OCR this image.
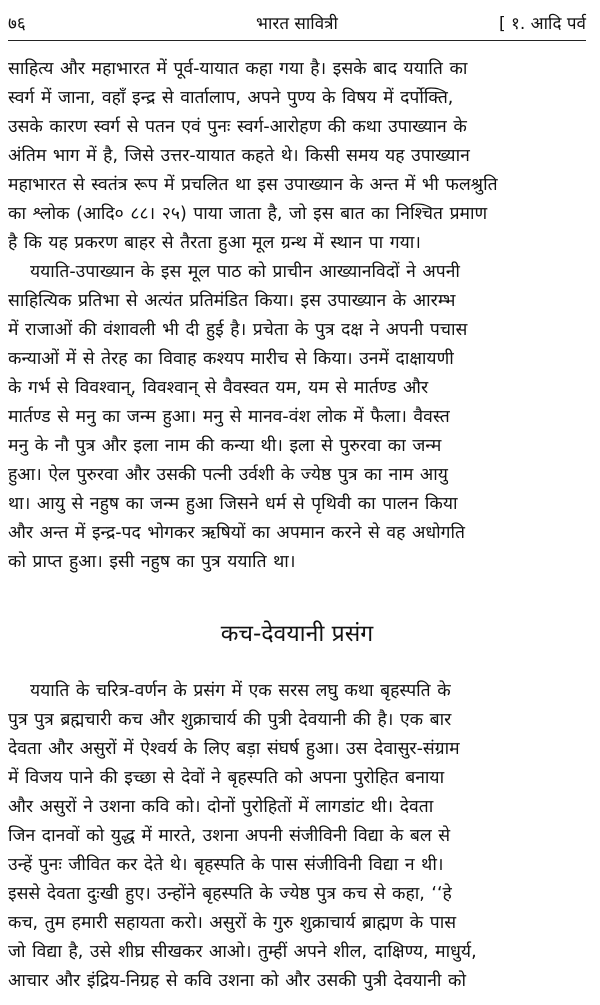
७६	भारत सावित्री	[ १. आदि पर्व

साहित्य और महाभारत में पूर्व-यायात कहा गया है। इसके बाद ययाति का
स्वर्ग में जाना, वहाँ इन्द्र से वार्तालाप, अपने पुण्य के विषय में दर्पोक्ति,
उसके कारण स्वर्ग से पतन एवं पुनः स्वर्ग-आरोहण की कथा उपाख्यान के
अंतिम भाग में है, जिसे उत्तर-यायात कहते थे। किसी समय यह उपाख्यान
महाभारत से स्वतंत्र रूप में प्रचलित था इस उपाख्यान के अन्त में भी फलश्रुति
का श्लोक (आदि० ८८। २५) पाया जाता है, जो इस बात का निश्चित प्रमाण
है कि यह प्रकरण बाहर से तैरता हुआ मूल ग्रन्थ में स्थान पा गया।

ययाति-उपाख्यान के इस मूल पाठ को प्राचीन आख्यानविदों ने अपनी
साहित्यिक प्रतिभा से अत्यंत प्रतिमंडित किया। इस उपाख्यान के आरम्भ
में राजाओं की वंशावली भी दी हुई है। प्रचेता के पुत्र दक्ष ने अपनी पचास
कन्याओं में से तेरह का विवाह कश्यप मारीच से किया। उनमें दाक्षायणी
के गर्भ से विवश्वान्, विवश्वान् से वैवस्वत यम, यम से मार्तण्ड और
मार्तण्ड से मनु का जन्म हुआ। मनु से मानव-वंश लोक में फैला। वैवस्त
मनु के नौ पुत्र और इला नाम की कन्या थी। इला से पुरुरवा का जन्म
हुआ। ऐल पुरुरवा और उसकी पत्नी उर्वशी के ज्येष्ठ पुत्र का नाम आयु
था। आयु से नहुष का जन्म हुआ जिसने धर्म से पृथिवी का पालन किया
और अन्त में इन्द्र-पद भोगकर ऋषियों का अपमान करने से वह अधोगति
को प्राप्त हुआ। इसी नहुष का पुत्र ययाति था।

कच-देवयानी प्रसंग

ययाति के चरित्र-वर्णन के प्रसंग में एक सरस लघु कथा बृहस्पति के
पुत्र पुत्र ब्रह्मचारी कच और शुक्राचार्य की पुत्री देवयानी की है। एक बार
देवता और असुरों में ऐश्वर्य के लिए बड़ा संघर्ष हुआ। उस देवासुर-संग्राम
में विजय पाने की इच्छा से देवों ने बृहस्पति को अपना पुरोहित बनाया
और असुरों ने उशना कवि को। दोनों पुरोहितों में लागडांट थी। देवता
जिन दानवों को युद्ध में मारते, उशना अपनी संजीविनी विद्या के बल से
उन्हें पुनः जीवित कर देते थे। बृहस्पति के पास संजीविनी विद्या न थी।
इससे देवता दुःखी हुए। उन्होंने बृहस्पति के ज्येष्ठ पुत्र कच से कहा, ‘‘हे
कच, तुम हमारी सहायता करो। असुरों के गुरु शुक्राचार्य ब्राह्मण के पास
जो विद्या है, उसे शीघ्र सीखकर आओ। तुम्हीं अपने शील, दाक्षिण्य, माधुर्य,
आचार और इंद्रिय-निग्रह से कवि उशना को और उसकी पुत्री देवयानी को
